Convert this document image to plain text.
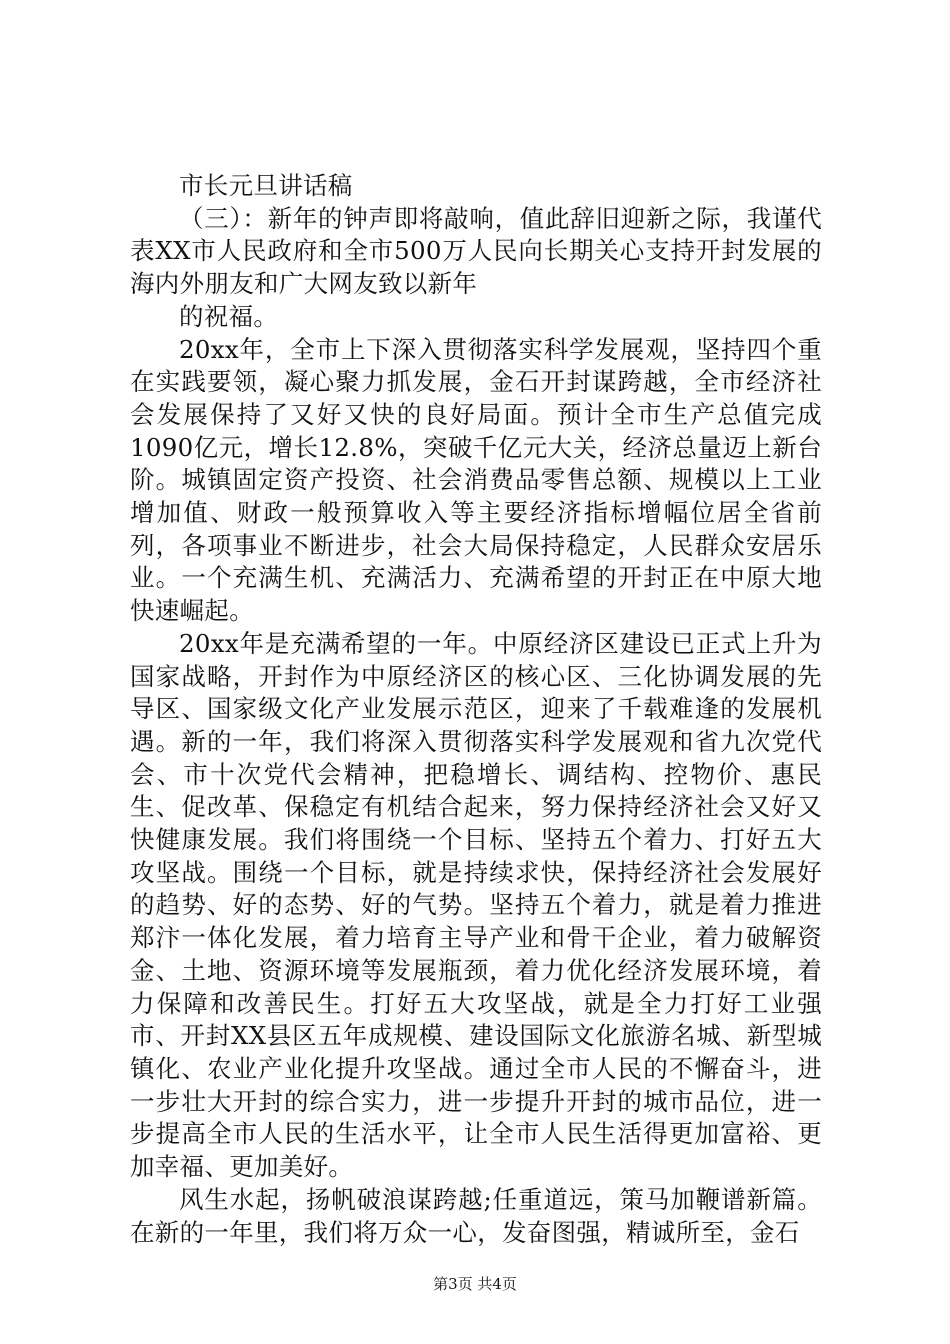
市长元旦讲话稿

（三）：新年的钟声即将敲响，值此辞旧迎新之际，我谨代表XX市人民政府和全市500万人民向长期关心支持开封发展的海内外朋友和广大网友致以新年

的祝福。

20xx年，全市上下深入贯彻落实科学发展观，坚持四个重在实践要领，凝心聚力抓发展，金石开封谋跨越，全市经济社会发展保持了又好又快的良好局面。预计全市生产总值完成1090亿元，增长12.8%，突破千亿元大关，经济总量迈上新台阶。城镇固定资产投资、社会消费品零售总额、规模以上工业增加值、财政一般预算收入等主要经济指标增幅位居全省前列，各项事业不断进步，社会大局保持稳定，人民群众安居乐业。一个充满生机、充满活力、充满希望的开封正在中原大地快速崛起。

20xx年是充满希望的一年。中原经济区建设已正式上升为国家战略，开封作为中原经济区的核心区、三化协调发展的先导区、国家级文化产业发展示范区，迎来了千载难逢的发展机遇。新的一年，我们将深入贯彻落实科学发展观和省九次党代会、市十次党代会精神，把稳增长、调结构、控物价、惠民生、促改革、保稳定有机结合起来，努力保持经济社会又好又快健康发展。我们将围绕一个目标、坚持五个着力、打好五大攻坚战。围绕一个目标，就是持续求快，保持经济社会发展好的趋势、好的态势、好的气势。坚持五个着力，就是着力推进郑汴一体化发展，着力培育主导产业和骨干企业，着力破解资金、土地、资源环境等发展瓶颈，着力优化经济发展环境，着力保障和改善民生。打好五大攻坚战，就是全力打好工业强市、开封XX县区五年成规模、建设国际文化旅游名城、新型城镇化、农业产业化提升攻坚战。通过全市人民的不懈奋斗，进一步壮大开封的综合实力，进一步提升开封的城市品位，进一步提高全市人民的生活水平，让全市人民生活得更加富裕、更加幸福、更加美好。

风生水起，扬帆破浪谋跨越;任重道远，策马加鞭谱新篇。在新的一年里，我们将万众一心，发奋图强，精诚所至，金石

第3页 共4页
